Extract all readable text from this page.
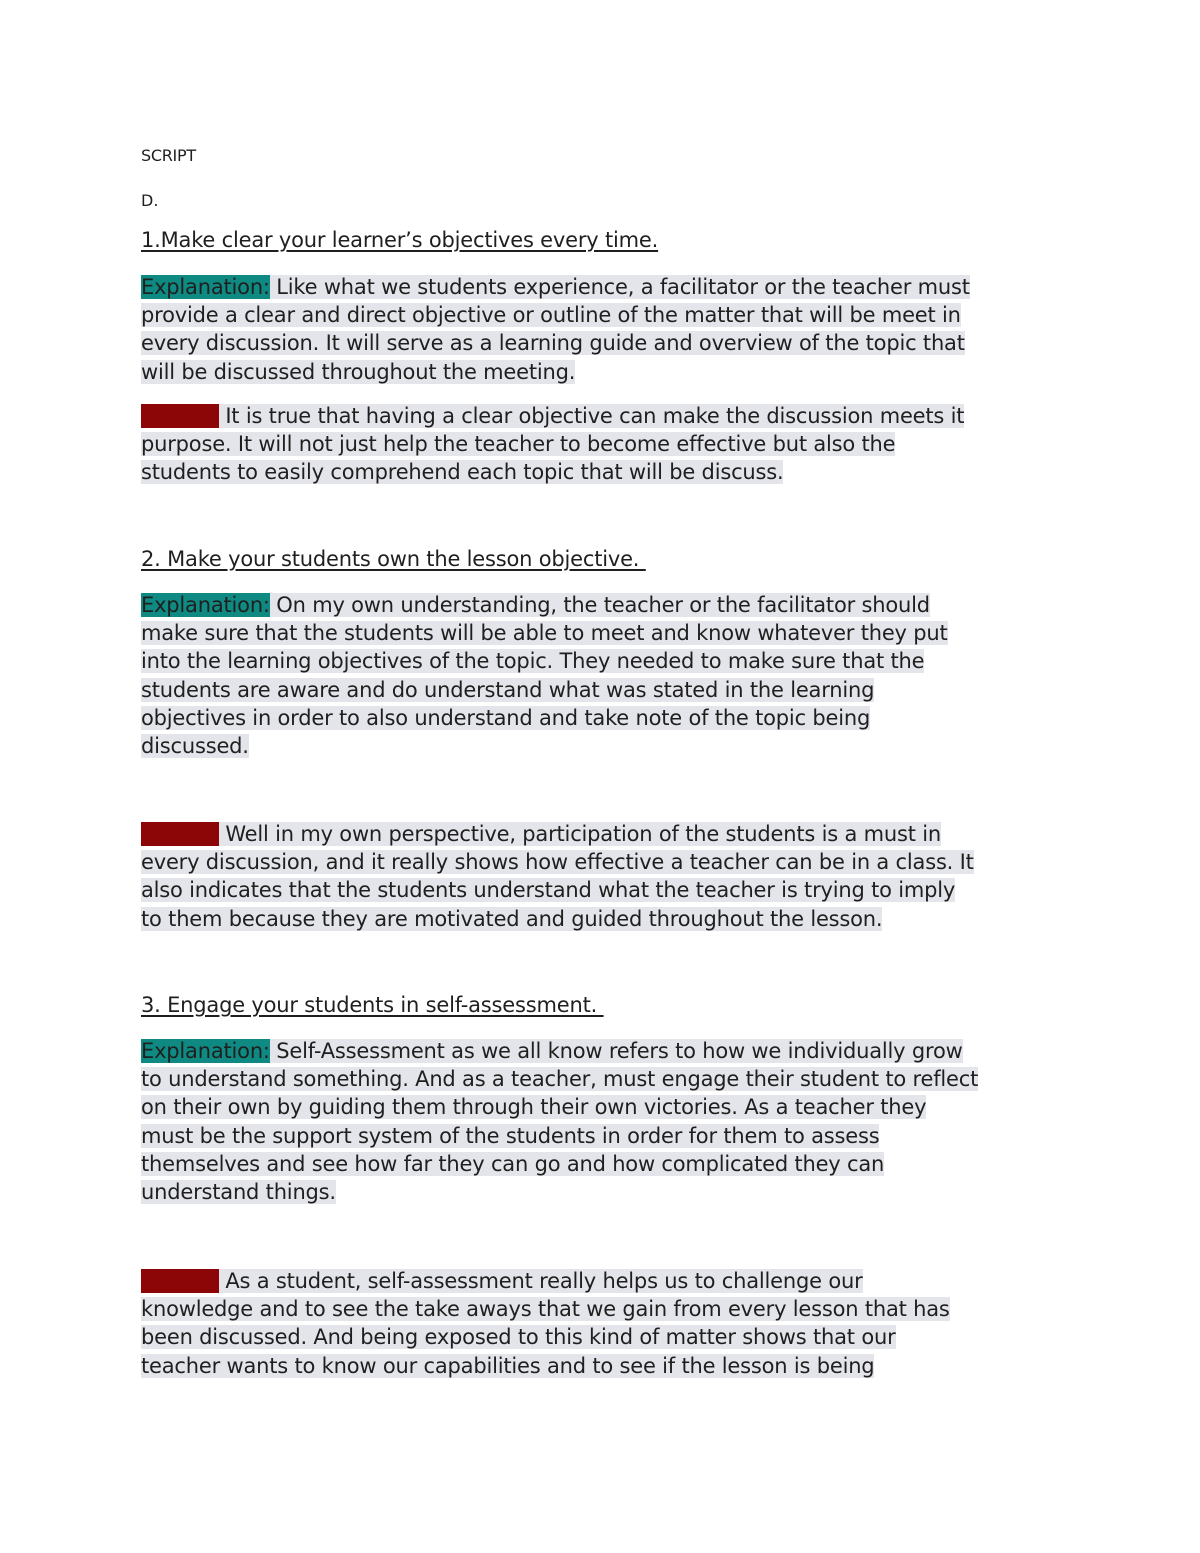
SCRIPT
D.
1.Make clear your learner’s objectives every time.
Explanation: Like what we students experience, a facilitator or the teacher must
provide a clear and direct objective or outline of the matter that will be meet in
every discussion. It will serve as a learning guide and overview of the topic that
will be discussed throughout the meeting.
Adlib 1: It is true that having a clear objective can make the discussion meets it
purpose. It will not just help the teacher to become effective but also the
students to easily comprehend each topic that will be discuss.
2. Make your students own the lesson objective.
Explanation: On my own understanding, the teacher or the facilitator should
make sure that the students will be able to meet and know whatever they put
into the learning objectives of the topic. They needed to make sure that the
students are aware and do understand what was stated in the learning
objectives in order to also understand and take note of the topic being
discussed.
Adlib 2: Well in my own perspective, participation of the students is a must in
every discussion, and it really shows how effective a teacher can be in a class. It
also indicates that the students understand what the teacher is trying to imply
to them because they are motivated and guided throughout the lesson.
3. Engage your students in self-assessment.
Explanation: Self-Assessment as we all know refers to how we individually grow
to understand something. And as a teacher, must engage their student to reflect
on their own by guiding them through their own victories. As a teacher they
must be the support system of the students in order for them to assess
themselves and see how far they can go and how complicated they can
understand things.
Adlib 3: As a student, self-assessment really helps us to challenge our
knowledge and to see the take aways that we gain from every lesson that has
been discussed. And being exposed to this kind of matter shows that our
teacher wants to know our capabilities and to see if the lesson is being
